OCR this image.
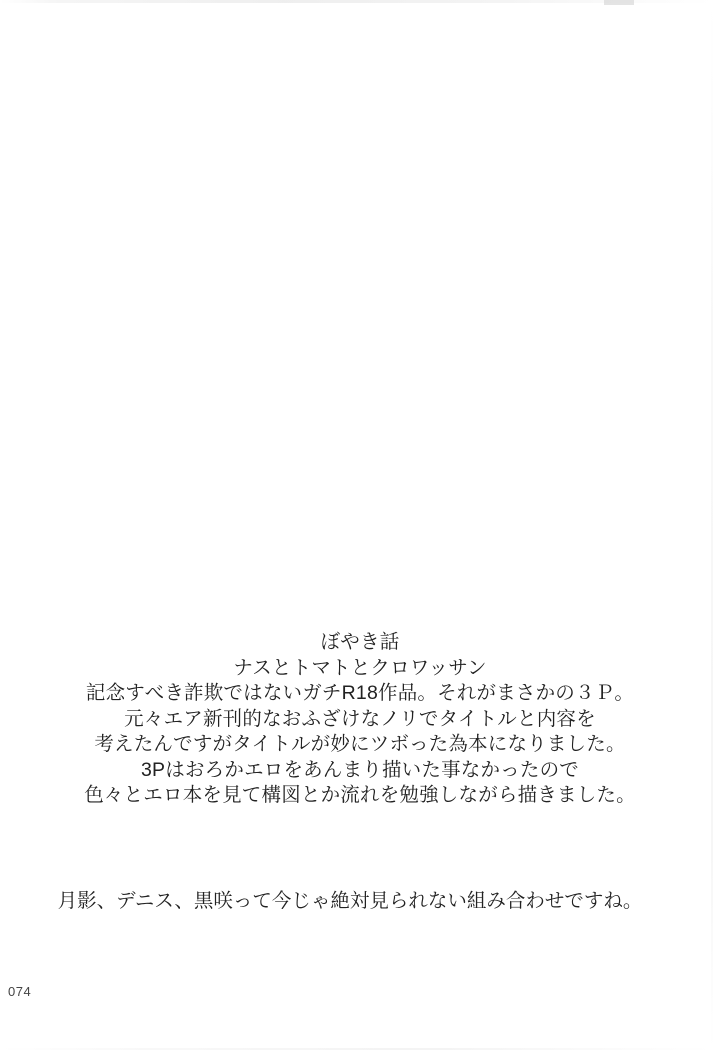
ぼやき話
ナスとトマトとクロワッサン
記念すべき詐欺ではないガチR18作品。それがまさかの３Ｐ。
元々エア新刊的なおふざけなノリでタイトルと内容を
考えたんですがタイトルが妙にツボった為本になりました。
3Pはおろかエロをあんまり描いた事なかったので
色々とエロ本を見て構図とか流れを勉強しながら描きました。
月影、デニス、黒咲って今じゃ絶対見られない組み合わせですね。
074
